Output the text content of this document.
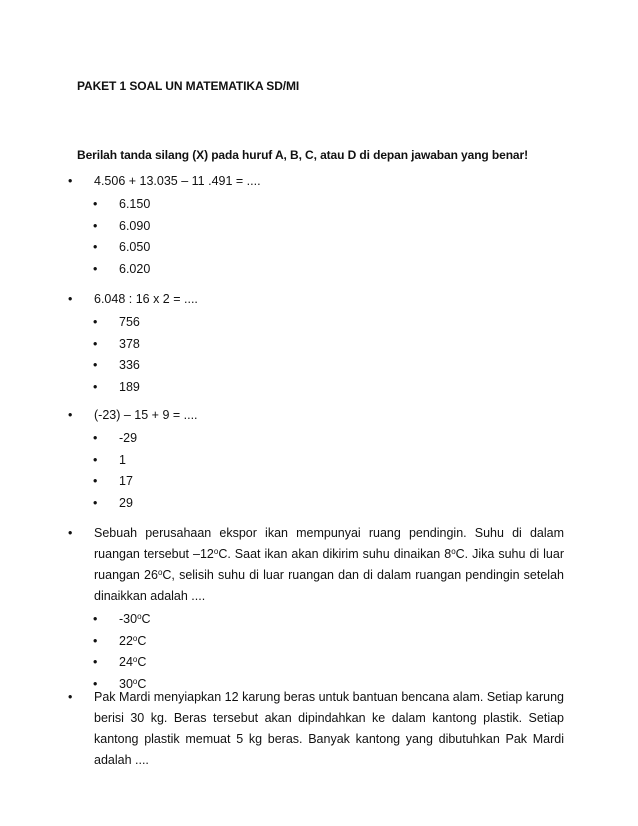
PAKET 1 SOAL UN MATEMATIKA SD/MI
Berilah tanda silang (X) pada huruf A, B, C, atau D di depan jawaban yang benar!
• 4.506 + 13.035 – 11 .491 = ....
• 6.150
• 6.090
• 6.050
• 6.020
• 6.048 : 16 x 2 = ....
• 756
• 378
• 336
• 189
• (-23) – 15 + 9 = ....
• -29
• 1
• 17
• 29
• Sebuah perusahaan ekspor ikan mempunyai ruang pendingin. Suhu di dalam ruangan tersebut –12$^o$C. Saat ikan akan dikirim suhu dinaikan 8$^o$C. Jika suhu di luar ruangan 26$^o$C, selisih suhu di luar ruangan dan di dalam ruangan pendingin setelah dinaikkan adalah ....
• -30$^o$C
• 22$^o$C
• 24$^o$C
• 30$^o$C
• Pak Mardi menyiapkan 12 karung beras untuk bantuan bencana alam. Setiap karung berisi 30 kg. Beras tersebut akan dipindahkan ke dalam kantong plastik. Setiap kantong plastik memuat 5 kg beras. Banyak kantong yang dibutuhkan Pak Mardi adalah ....
